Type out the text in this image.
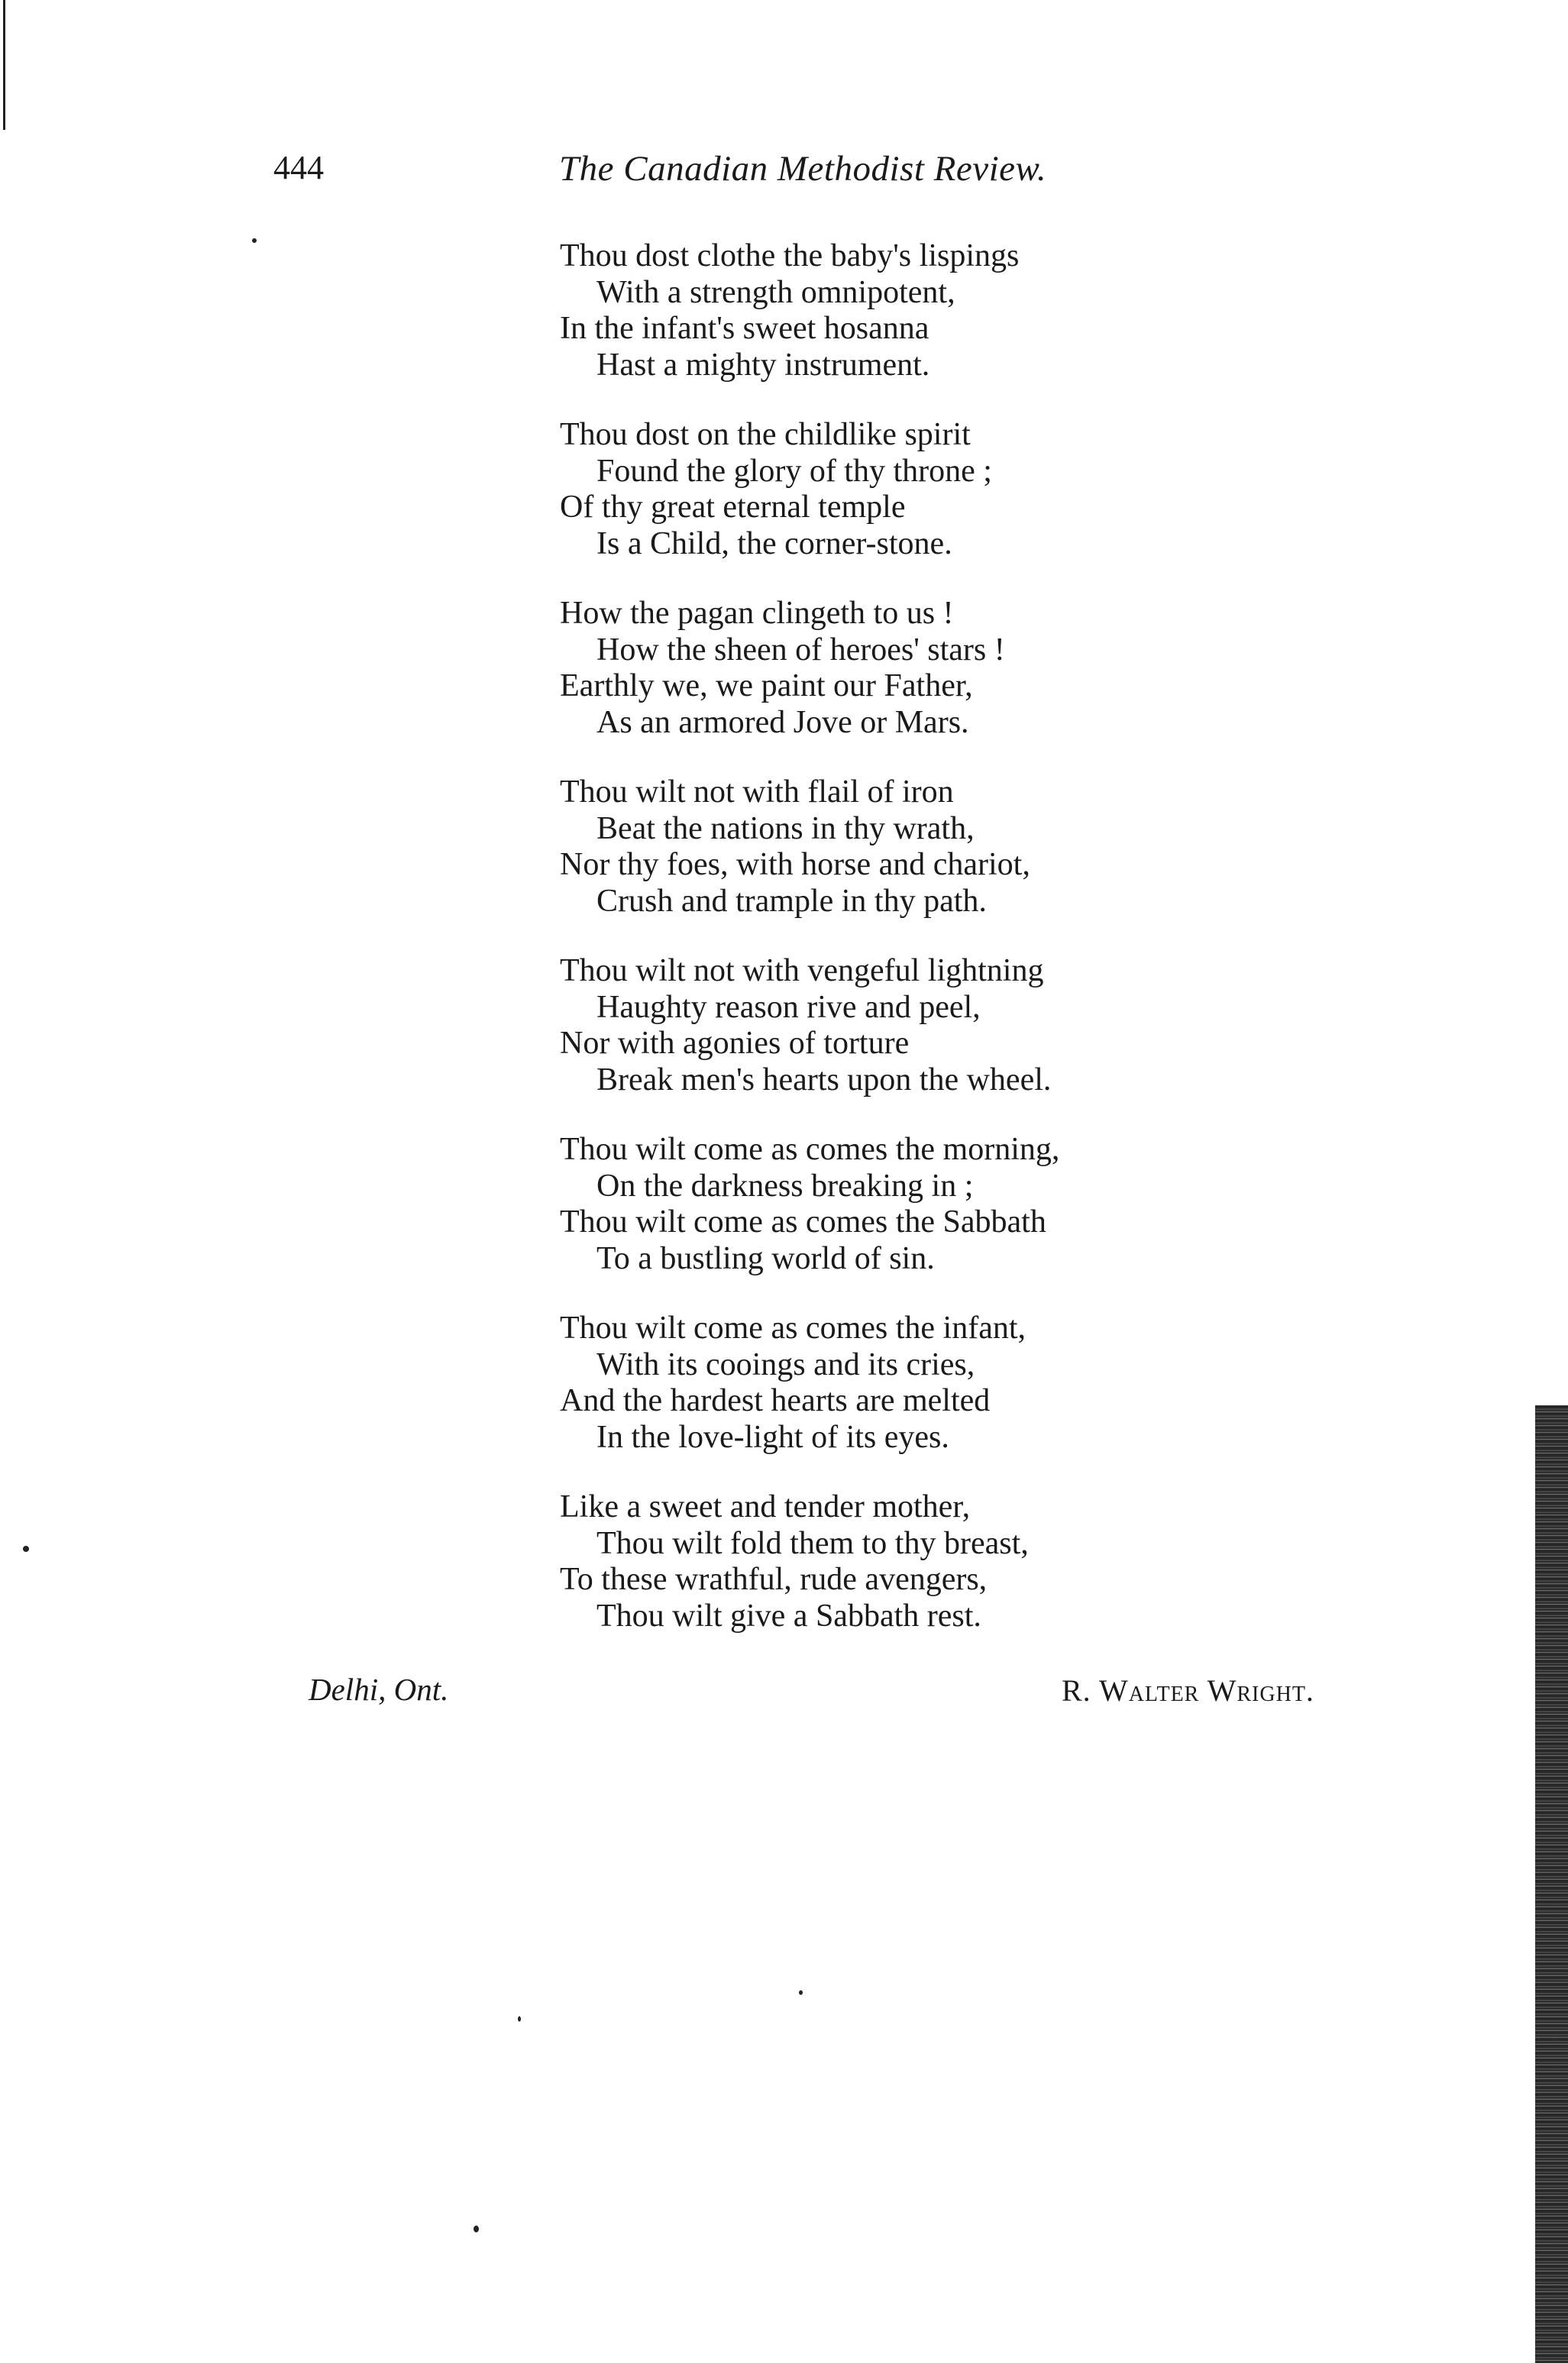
444	The Canadian Methodist Review.
Thou dost clothe the baby's lispings
With a strength omnipotent,
In the infant's sweet hosanna
Hast a mighty instrument.
Thou dost on the childlike spirit
Found the glory of thy throne ;
Of thy great eternal temple
Is a Child, the corner-stone.
How the pagan clingeth to us !
How the sheen of heroes' stars !
Earthly we, we paint our Father,
As an armored Jove or Mars.
Thou wilt not with flail of iron
Beat the nations in thy wrath,
Nor thy foes, with horse and chariot,
Crush and trample in thy path.
Thou wilt not with vengeful lightning
Haughty reason rive and peel,
Nor with agonies of torture
Break men's hearts upon the wheel.
Thou wilt come as comes the morning,
On the darkness breaking in ;
Thou wilt come as comes the Sabbath
To a bustling world of sin.
Thou wilt come as comes the infant,
With its cooings and its cries,
And the hardest hearts are melted
In the love-light of its eyes.
Like a sweet and tender mother,
Thou wilt fold them to thy breast,
To these wrathful, rude avengers,
Thou wilt give a Sabbath rest.
Delhi, Ont.	R. Walter Wright.
